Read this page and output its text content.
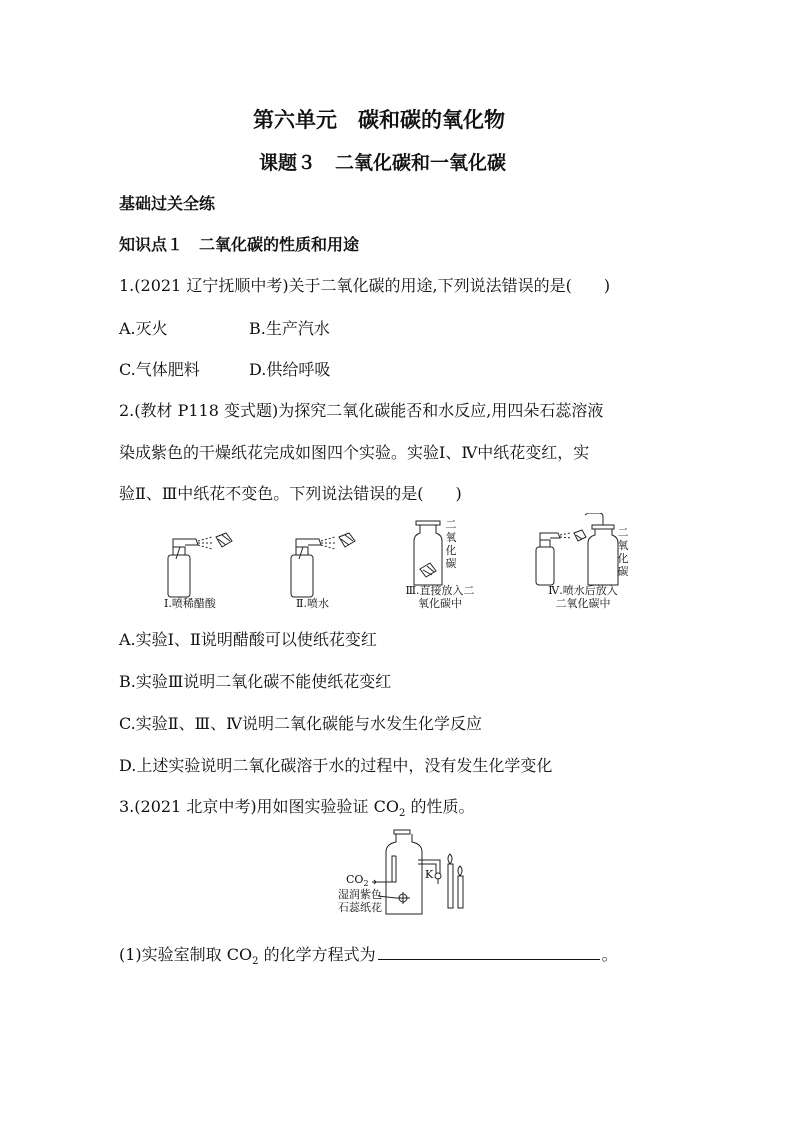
第六单元　碳和碳的氧化物
课题３　二氧化碳和一氧化碳
基础过关全练
知识点１　二氧化碳的性质和用途
1.(2021 辽宁抚顺中考)关于二氧化碳的用途,下列说法错误的是(　　)
A.灭火	B.生产汽水
C.气体肥料	D.供给呼吸
2.(教材 P118 变式题)为探究二氧化碳能否和水反应,用四朵石蕊溶液
染成紫色的干燥纸花完成如图四个实验。实验Ⅰ、Ⅳ中纸花变红，实
验Ⅱ、Ⅲ中纸花不变色。下列说法错误的是(　　)
Ⅰ.喷稀醋酸	Ⅱ.喷水
二
氧
化
碳
Ⅲ.直接放入二
氧化碳中
二
氧
化
碳
Ⅳ.喷水后放入
二氧化碳中
A.实验Ⅰ、Ⅱ说明醋酸可以使纸花变红
B.实验Ⅲ说明二氧化碳不能使纸花变红
C.实验Ⅱ、Ⅲ、Ⅳ说明二氧化碳能与水发生化学反应
D.上述实验说明二氧化碳溶于水的过程中，没有发生化学变化
3.(2021 北京中考)用如图实验验证 $CO_2$ 的性质。
$CO_2$
K
湿润紫色
石蕊纸花
(1)实验室制取 $CO_2$ 的化学方程式为	。
